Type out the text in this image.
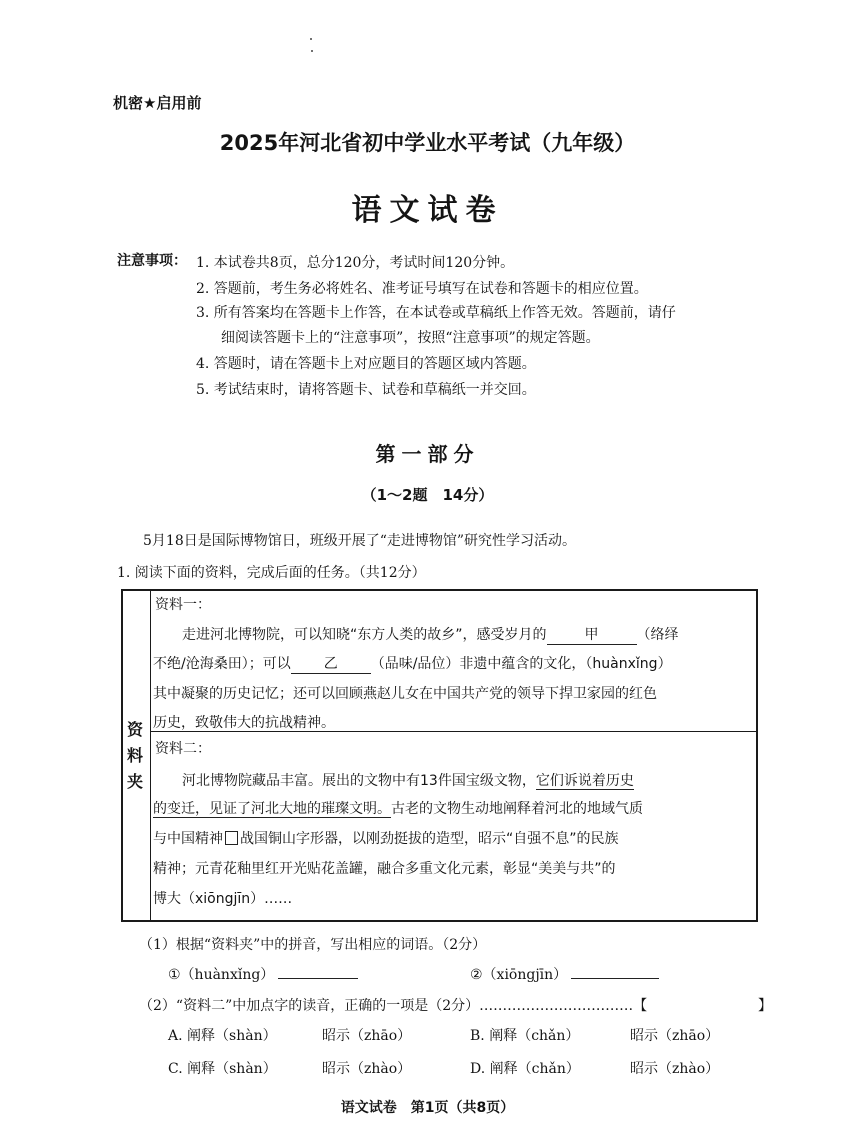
机密★启用前
2025年河北省初中学业水平考试（九年级）
语文试卷
注意事项： 1. 本试卷共8页，总分120分，考试时间120分钟。
2. 答题前，考生务必将姓名、准考证号填写在试卷和答题卡的相应位置。
3. 所有答案均在答题卡上作答，在本试卷或草稿纸上作答无效。答题前，请仔
细阅读答题卡上的“注意事项”，按照“注意事项”的规定答题。
4. 答题时，请在答题卡上对应题目的答题区域内答题。
5. 考试结束时，请将答题卡、试卷和草稿纸一并交回。
第一部分
（1～2题　14分）
5月18日是国际博物馆日，班级开展了“走进博物馆”研究性学习活动。
1. 阅读下面的资料，完成后面的任务。（共12分）
资
料
夹
资料一：
走进河北博物院，可以知晓“东方人类的故乡”，感受岁月的	甲	（络绎
不绝/沧海桑田）；可以 乙 （品味/品位）非遗中蕴含的文化，（huànxǐng）
其中凝聚的历史记忆；还可以回顾燕赵儿女在中国共产党的领导下捍卫家园的红色
历史，致敬伟大的抗战精神。
资料二：
河北博物院藏品丰富。展出的文物中有13件国宝级文物，它们诉说着历史
的变迁，见证了河北大地的璀璨文明。古老的文物生动地阐释着河北的地域气质
与中国精神 战国铜山字形器，以刚劲挺拔的造型，昭示“自强不息”的民族
精神；元青花釉里红开光贴花盖罐，融合多重文化元素，彰显“美美与共”的
博大（xiōngjīn）……
（1）根据“资料夹”中的拼音，写出相应的词语。（2分）
①（huànxǐng）	②（xiōngjīn）
（2）“资料二”中加点字的读音，正确的一项是（2分）……………………………【	】
A. 阐释（shàn）	昭示（zhāo）	B. 阐释（chǎn）	昭示（zhāo）
C. 阐释（shàn）	昭示（zhào）	D. 阐释（chǎn）	昭示（zhào）
语文试卷　第1页（共8页）
